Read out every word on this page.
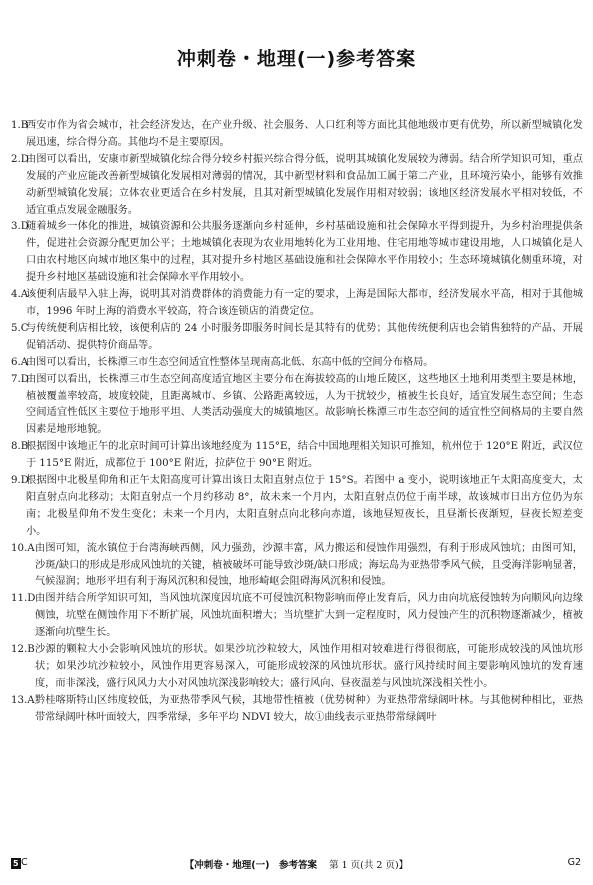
冲刺卷・地理(一)参考答案
1.B
西安市作为省会城市，社会经济发达，在产业升级、社会服务、人口红利等方面比其他地级市更有优势，所以新型城镇化发展迅速，综合得分高。其他均不是主要原因。
2.D
由图可以看出，安康市新型城镇化综合得分较乡村振兴综合得分低，说明其城镇化发展较为薄弱。结合所学知识可知，重点发展的产业应能改善新型城镇化发展相对薄弱的情况，其中新型材料和食品加工属于第二产业，且环境污染小，能够有效推动新型城镇化发展；立体农业更适合在乡村发展，且其对新型城镇化发展作用相对较弱；该地区经济发展水平相对较低，不适宜重点发展金融服务。
3.D
随着城乡一体化的推进，城镇资源和公共服务逐渐向乡村延伸，乡村基础设施和社会保障水平得到提升，为乡村治理提供条件，促进社会资源分配更加公平；土地城镇化表现为农业用地转化为工业用地、住宅用地等城市建设用地，人口城镇化是人口由农村地区向城市地区集中的过程，其对提升乡村地区基础设施和社会保障水平作用较小；生态环境城镇化侧重环境，对提升乡村地区基础设施和社会保障水平作用较小。
4.A
该便利店最早入驻上海，说明其对消费群体的消费能力有一定的要求，上海是国际大都市，经济发展水平高，相对于其他城市，1996 年时上海的消费水平较高，符合该连锁店的消费定位。
5.C
与传统便利店相比较，该便利店的 24 小时服务即服务时间长是其特有的优势；其他传统便利店也会销售独特的产品、开展促销活动、提供特价商品等。
6.A
由图可以看出，长株潭三市生态空间适宜性整体呈现南高北低、东高中低的空间分布格局。
7.D
由图可以看出，长株潭三市生态空间高度适宜地区主要分布在海拔较高的山地丘陵区，这些地区土地利用类型主要是林地，植被覆盖率较高，坡度较陡，且距离城市、乡镇、公路距离较远，人为干扰较少，植被生长良好，适宜发展生态空间；生态空间适宜性低区主要位于地形平坦、人类活动强度大的城镇地区。故影响长株潭三市生态空间的适宜性空间格局的主要自然因素是地形地貌。
8.B
根据图中该地正午的北京时间可计算出该地经度为 115°E，结合中国地理相关知识可推知，杭州位于 120°E 附近，武汉位于 115°E 附近，成都位于 100°E 附近，拉萨位于 90°E 附近。
9.D
根据图中北极星仰角和正午太阳高度可计算出该日太阳直射点位于 15°S。若图中 a 变小，说明该地正午太阳高度变大，太阳直射点向北移动；太阳直射点一个月约移动 8°，故未来一个月内，太阳直射点仍位于南半球，故该城市日出方位仍为东南；北极星仰角不发生变化；未来一个月内，太阳直射点向北移向赤道，该地昼短夜长，且昼渐长夜渐短，昼夜长短差变小。
10.A 由图可知，流水镇位于台湾海峡西侧，风力强劲，沙源丰富，风力搬运和侵蚀作用强烈，有利于形成风蚀坑；由图可知，沙斑/缺口的形成是形成风蚀坑的关键，植被破坏可能导致沙斑/缺口形成；海坛岛为亚热带季风气候，且受海洋影响显著，气候湿润；地形平坦有利于海风沉积和侵蚀，地形崎岖会阻碍海风沉积和侵蚀。
11.D 由图并结合所学知识可知，当风蚀坑深度因坑底不可侵蚀沉积物影响而停止发育后，风力由向坑底侵蚀转为向顺风向边缘侧蚀，坑壁在侧蚀作用下不断扩展，风蚀坑面积增大；当坑壁扩大到一定程度时，风力侵蚀产生的沉积物逐渐减少，植被逐渐向坑壁生长。
12.B 沙源的颗粒大小会影响风蚀坑的形状。如果沙坑沙粒较大，风蚀作用相对较难进行得很彻底，可能形成较浅的风蚀坑形状；如果沙坑沙粒较小，风蚀作用更容易深入，可能形成较深的风蚀坑形状。盛行风持续时间主要影响风蚀坑的发育速度，而非深浅，盛行风风力大小对风蚀坑深浅影响较大；盛行风向、昼夜温差与风蚀坑深浅相关性小。
13.A 黔桂喀斯特山区纬度较低，为亚热带季风气候，其地带性植被（优势树种）为亚热带常绿阔叶林。与其他树种相比，亚热带常绿阔叶林叶面较大，四季常绿，多年平均 NDVI 较大，故①曲线表示亚热带常绿阔叶
5 C	【冲刺卷・地理(一)　参考答案 第 1 页(共 2 页)】	G2
